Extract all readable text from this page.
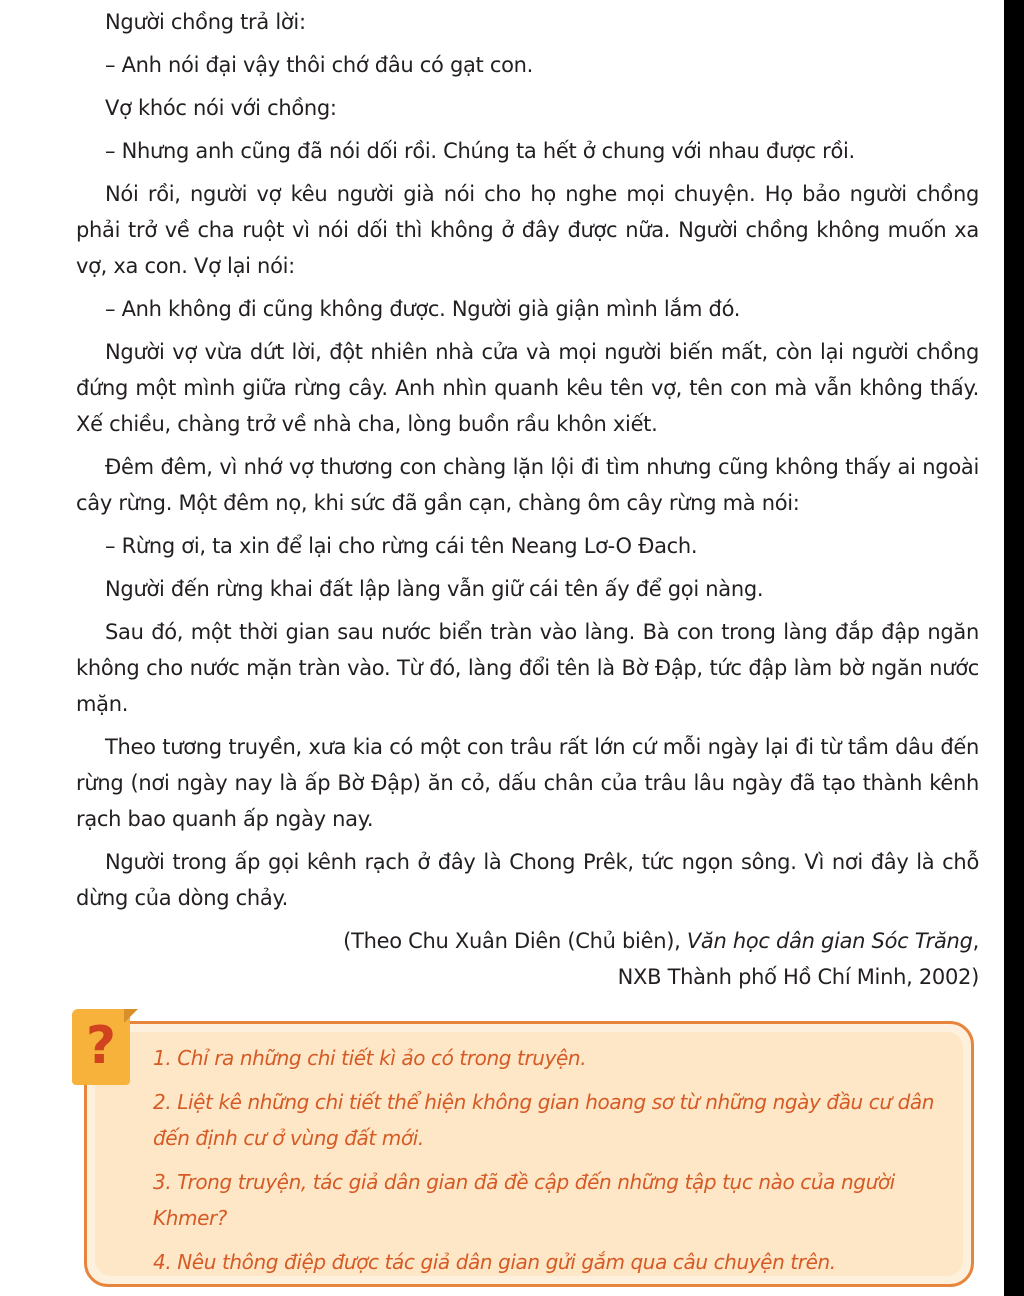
Người chồng trả lời:

– Anh nói đại vậy thôi chớ đâu có gạt con.

Vợ khóc nói với chồng:

– Nhưng anh cũng đã nói dối rồi. Chúng ta hết ở chung với nhau được rồi.

Nói rồi, người vợ kêu người già nói cho họ nghe mọi chuyện. Họ bảo người chồng phải trở về cha ruột vì nói dối thì không ở đây được nữa. Người chồng không muốn xa vợ, xa con. Vợ lại nói:

– Anh không đi cũng không được. Người già giận mình lắm đó.

Người vợ vừa dứt lời, đột nhiên nhà cửa và mọi người biến mất, còn lại người chồng đứng một mình giữa rừng cây. Anh nhìn quanh kêu tên vợ, tên con mà vẫn không thấy. Xế chiều, chàng trở về nhà cha, lòng buồn rầu khôn xiết.

Đêm đêm, vì nhớ vợ thương con chàng lặn lội đi tìm nhưng cũng không thấy ai ngoài cây rừng. Một đêm nọ, khi sức đã gần cạn, chàng ôm cây rừng mà nói:

– Rừng ơi, ta xin để lại cho rừng cái tên Neang Lơ-O Đach.

Người đến rừng khai đất lập làng vẫn giữ cái tên ấy để gọi nàng.

Sau đó, một thời gian sau nước biển tràn vào làng. Bà con trong làng đắp đập ngăn không cho nước mặn tràn vào. Từ đó, làng đổi tên là Bờ Đập, tức đập làm bờ ngăn nước mặn.

Theo tương truyền, xưa kia có một con trâu rất lớn cứ mỗi ngày lại đi từ tầm dâu đến rừng (nơi ngày nay là ấp Bờ Đập) ăn cỏ, dấu chân của trâu lâu ngày đã tạo thành kênh rạch bao quanh ấp ngày nay.

Người trong ấp gọi kênh rạch ở đây là Chong Prêk, tức ngọn sông. Vì nơi đây là chỗ dừng của dòng chảy.

(Theo Chu Xuân Diên (Chủ biên), Văn học dân gian Sóc Trăng,

NXB Thành phố Hồ Chí Minh, 2002)

?	1. Chỉ ra những chi tiết kì ảo có trong truyện.

2. Liệt kê những chi tiết thể hiện không gian hoang sơ từ những ngày đầu cư dân đến định cư ở vùng đất mới.

3. Trong truyện, tác giả dân gian đã đề cập đến những tập tục nào của người Khmer?

4. Nêu thông điệp được tác giả dân gian gửi gắm qua câu chuyện trên.
